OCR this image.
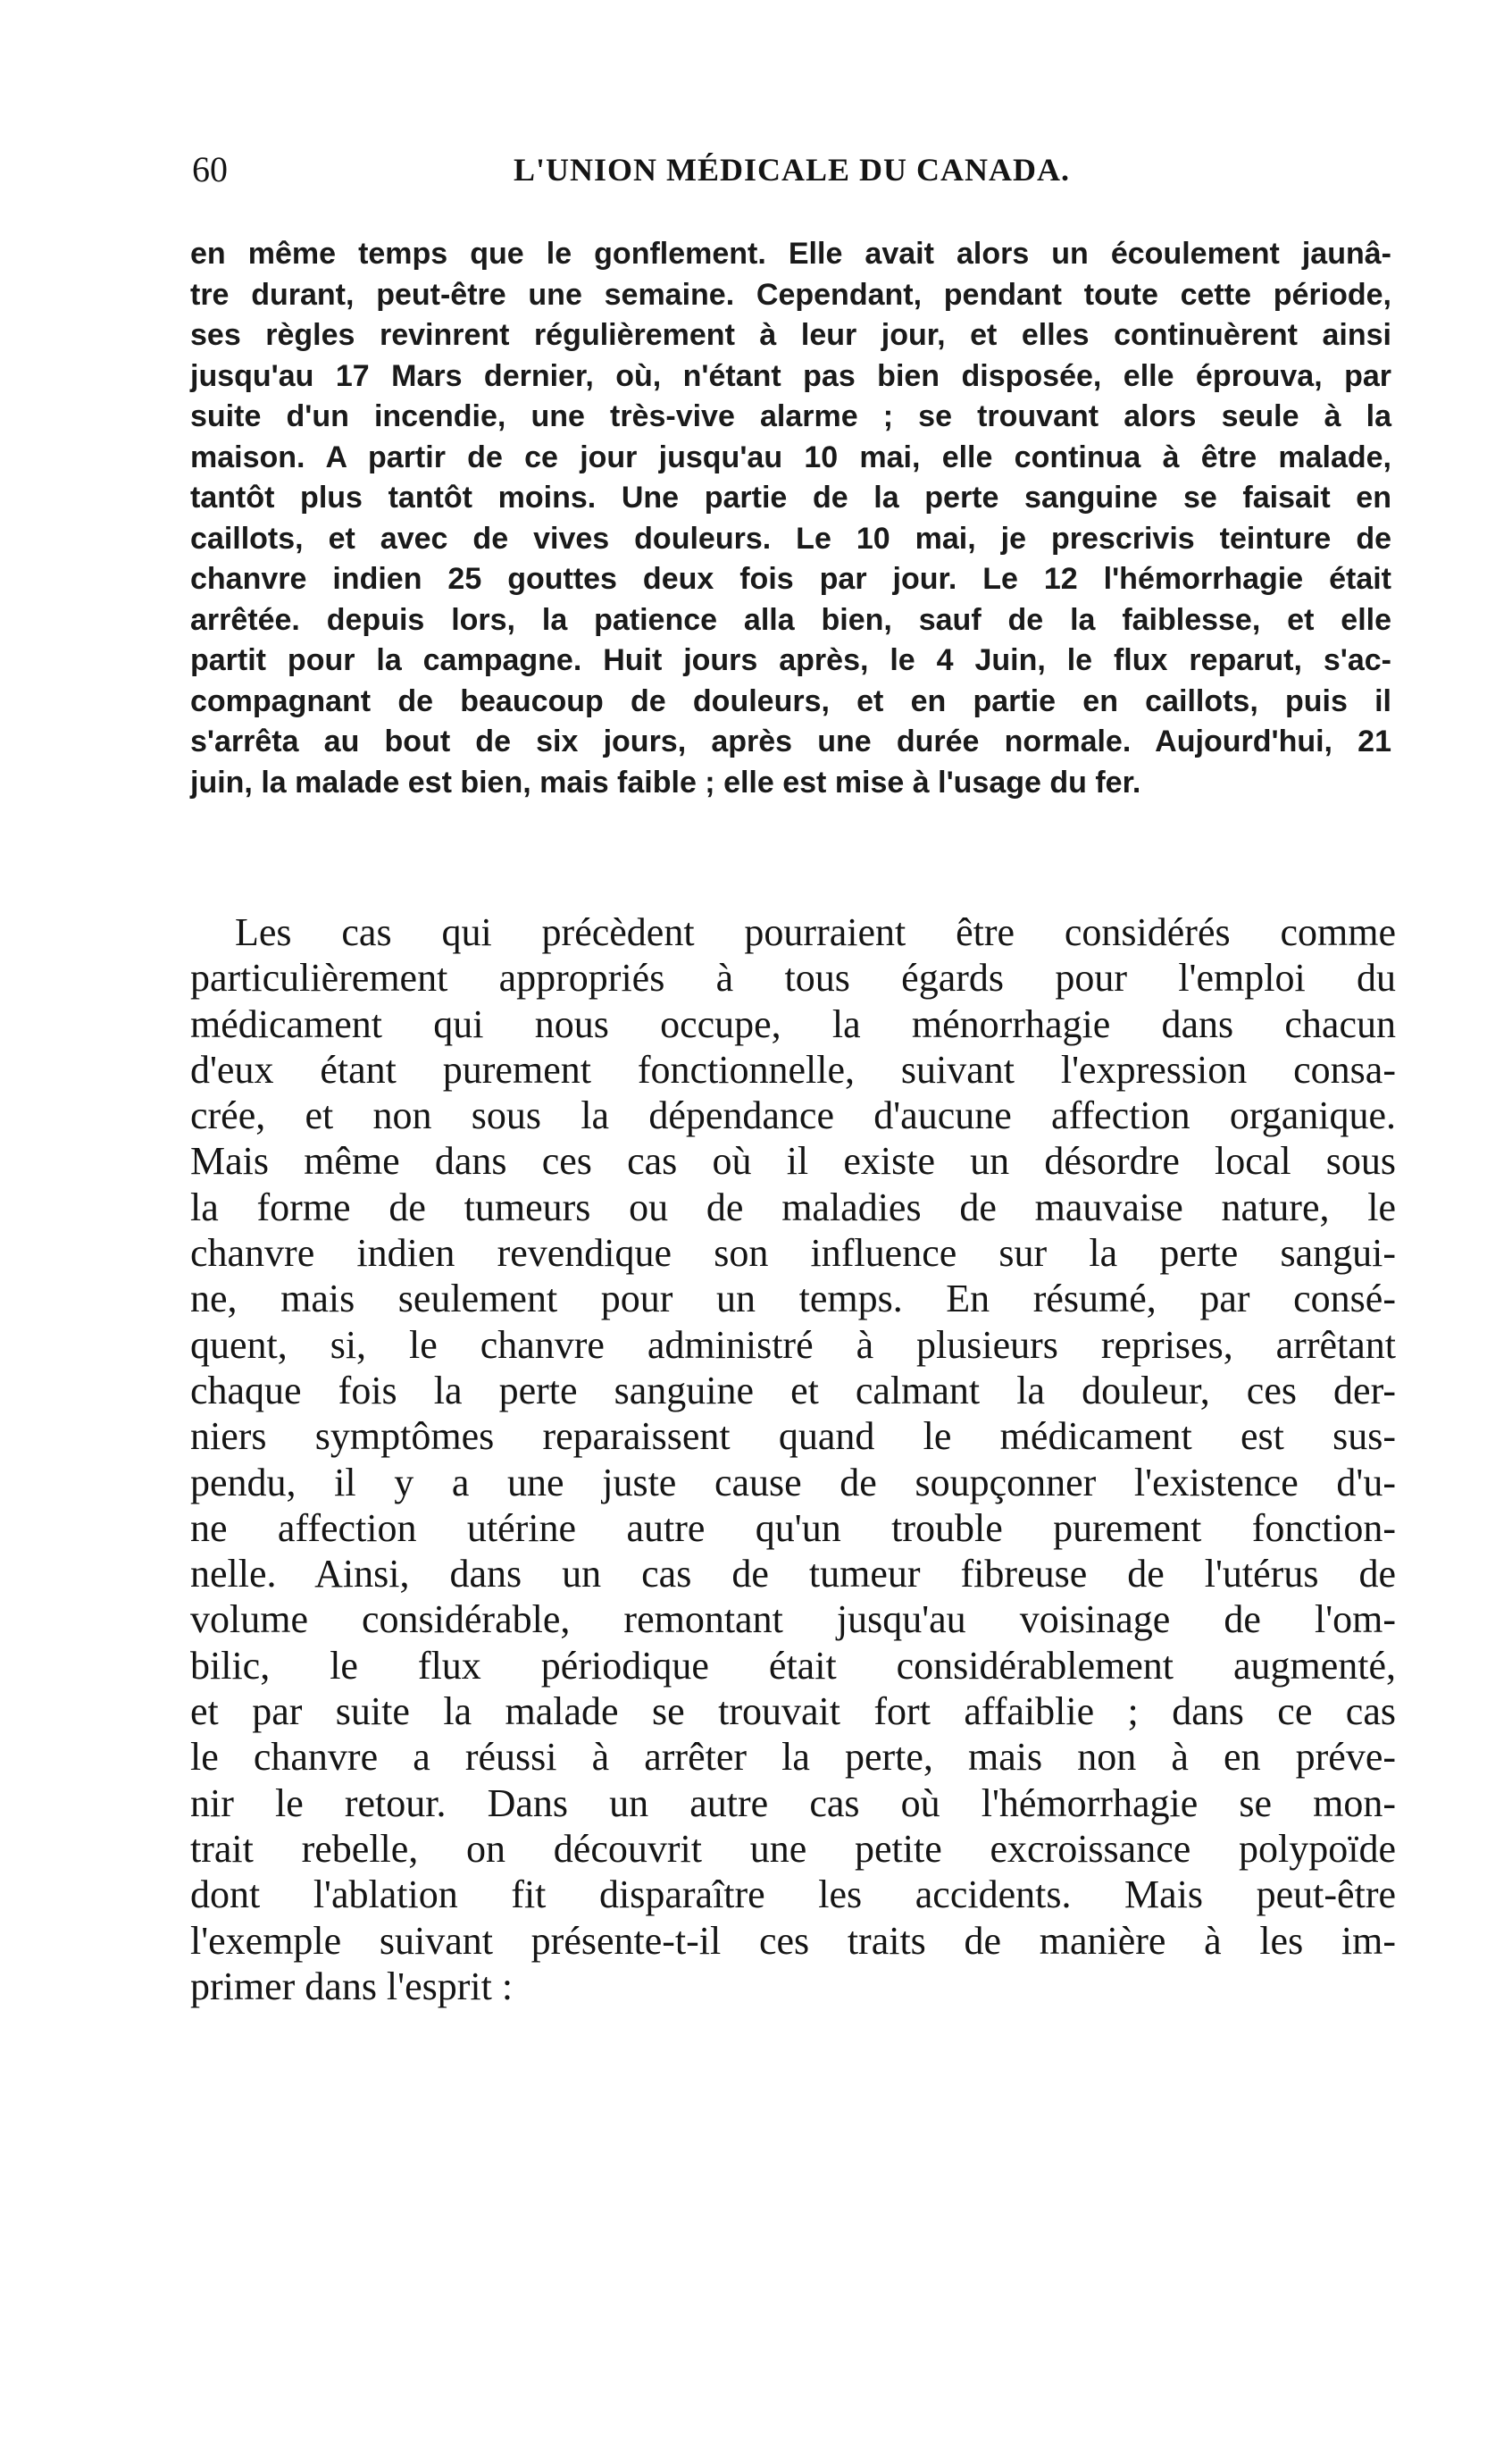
60	L'UNION MÉDICALE DU CANADA.
en même temps que le gonflement. Elle avait alors un écoulement jaunâ-
tre durant, peut-être une semaine. Cependant, pendant toute cette période,
ses règles revinrent régulièrement à leur jour, et elles continuèrent ainsi
jusqu'au 17 Mars dernier, où, n'étant pas bien disposée, elle éprouva, par
suite d'un incendie, une très-vive alarme ; se trouvant alors seule à la
maison. A partir de ce jour jusqu'au 10 mai, elle continua à être malade,
tantôt plus tantôt moins. Une partie de la perte sanguine se faisait en
caillots, et avec de vives douleurs. Le 10 mai, je prescrivis teinture de
chanvre indien 25 gouttes deux fois par jour. Le 12 l'hémorrhagie était
arrêtée. depuis lors, la patience alla bien, sauf de la faiblesse, et elle
partit pour la campagne. Huit jours après, le 4 Juin, le flux reparut, s'ac-
compagnant de beaucoup de douleurs, et en partie en caillots, puis il
s'arrêta au bout de six jours, après une durée normale. Aujourd'hui, 21
juin, la malade est bien, mais faible ; elle est mise à l'usage du fer.
Les cas qui précèdent pourraient être considérés comme
particulièrement appropriés à tous égards pour l'emploi du
médicament qui nous occupe, la ménorrhagie dans chacun
d'eux étant purement fonctionnelle, suivant l'expression consa-
crée, et non sous la dépendance d'aucune affection organique.
Mais même dans ces cas où il existe un désordre local sous
la forme de tumeurs ou de maladies de mauvaise nature, le
chanvre indien revendique son influence sur la perte sangui-
ne, mais seulement pour un temps. En résumé, par consé-
quent, si, le chanvre administré à plusieurs reprises, arrêtant
chaque fois la perte sanguine et calmant la douleur, ces der-
niers symptômes reparaissent quand le médicament est sus-
pendu, il y a une juste cause de soupçonner l'existence d'u-
ne affection utérine autre qu'un trouble purement fonction-
nelle. Ainsi, dans un cas de tumeur fibreuse de l'utérus de
volume considérable, remontant jusqu'au voisinage de l'om-
bilic, le flux périodique était considérablement augmenté,
et par suite la malade se trouvait fort affaiblie ; dans ce cas
le chanvre a réussi à arrêter la perte, mais non à en préve-
nir le retour. Dans un autre cas où l'hémorrhagie se mon-
trait rebelle, on découvrit une petite excroissance polypoïde
dont l'ablation fit disparaître les accidents. Mais peut-être
l'exemple suivant présente-t-il ces traits de manière à les im-
primer dans l'esprit :
